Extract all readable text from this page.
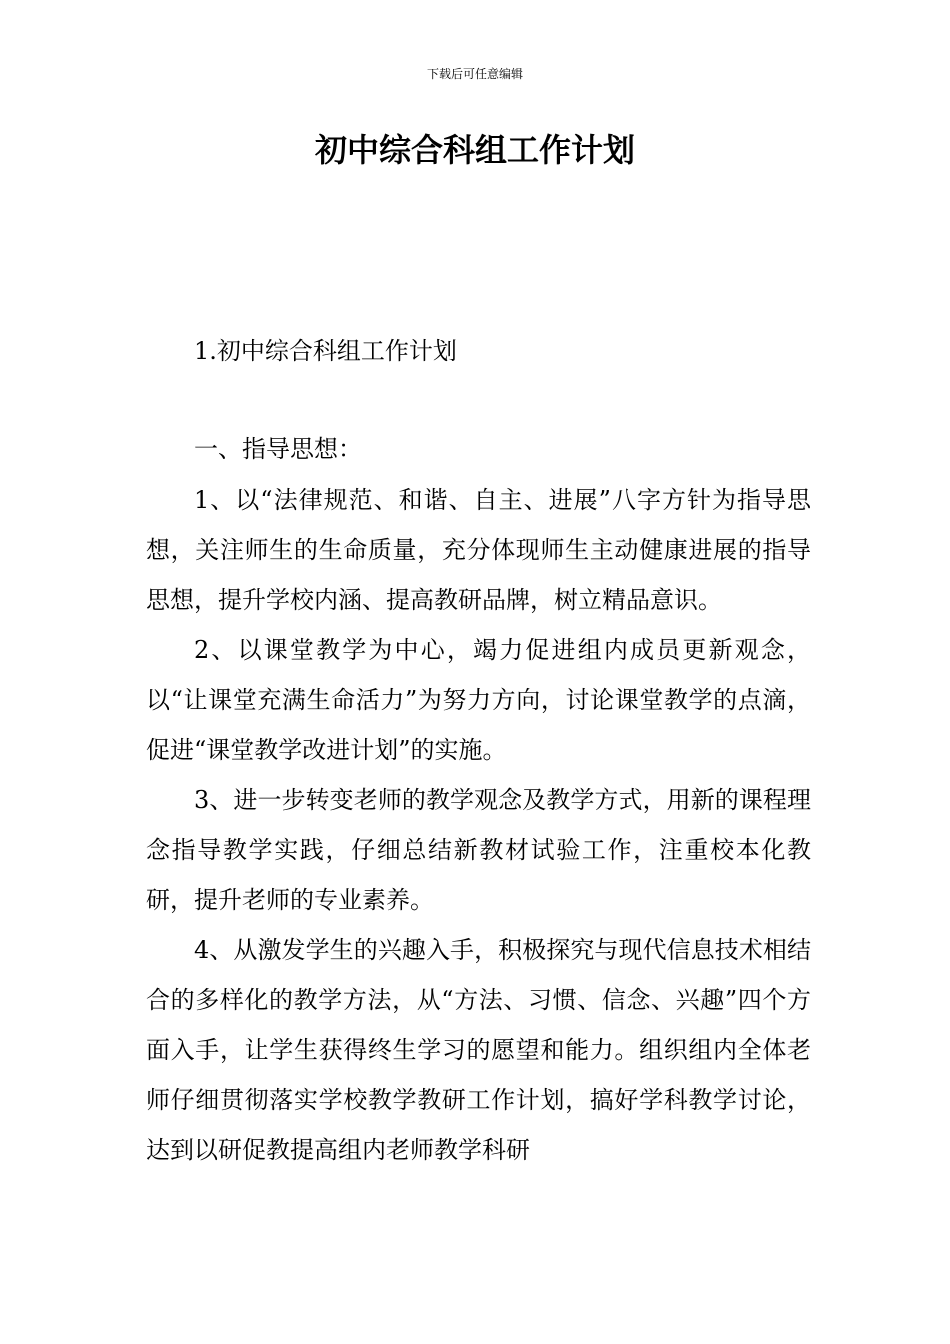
下载后可任意编辑
初中综合科组工作计划

1.初中综合科组工作计划

一、指导思想：

1、以“法律规范、和谐、自主、进展”八字方针为指导思想，关注师生的生命质量，充分体现师生主动健康进展的指导思想，提升学校内涵、提高教研品牌，树立精品意识。

2、以课堂教学为中心，竭力促进组内成员更新观念，以“让课堂充满生命活力”为努力方向，讨论课堂教学的点滴，促进“课堂教学改进计划”的实施。

3、进一步转变老师的教学观念及教学方式，用新的课程理念指导教学实践，仔细总结新教材试验工作，注重校本化教研，提升老师的专业素养。

4、从激发学生的兴趣入手，积极探究与现代信息技术相结合的多样化的教学方法，从“方法、习惯、信念、兴趣”四个方面入手，让学生获得终生学习的愿望和能力。组织组内全体老师仔细贯彻落实学校教学教研工作计划，搞好学科教学讨论，达到以研促教提高组内老师教学科研
